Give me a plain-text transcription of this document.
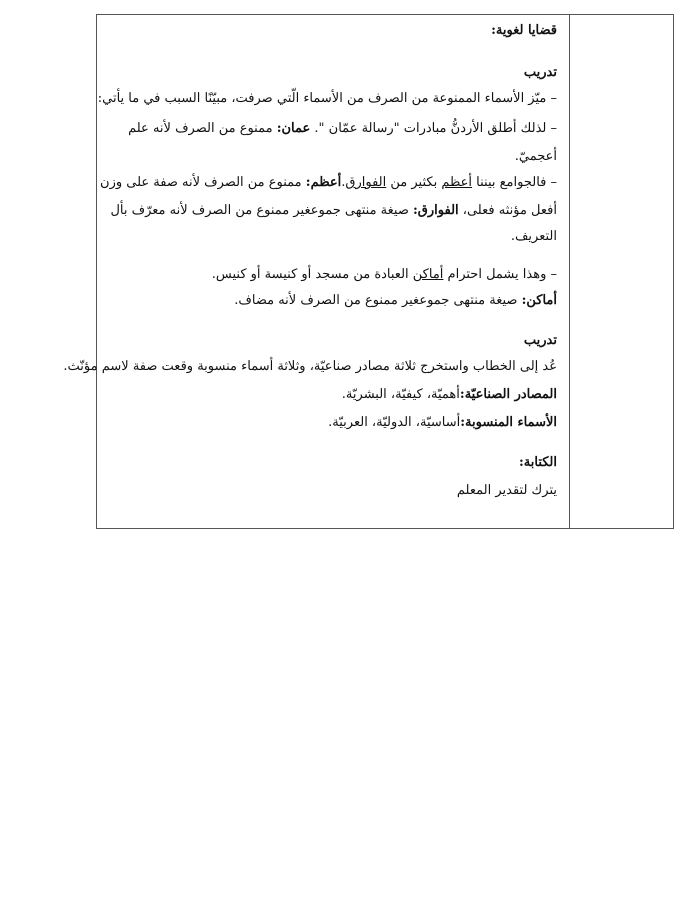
قضايا لغوية:

تدريب

– ميّز الأسماء الممنوعة من الصرف من الأسماء الّتي صرفت، مبيّنًا السبب في ما يأتي:

– لذلك أطلق الأردنُّ مبادرات "رسالة عمّان ". عمان: ممنوع من الصرف لأنه علم

أعجميّ.

– فالجوامع بيننا أعظم بكثير من الفوارق.أعظم: ممنوع من الصرف لأنه صفة على وزن

أفعل مؤنثه فعلى، الفوارق: صيغة منتهى جموعغير ممنوع من الصرف لأنه معرّف بأل

التعريف.

– وهذا يشمل احترام أماكن العبادة من مسجد أو كنيسة أو كنيس.

أماكن: صيغة منتهى جموعغير ممنوع من الصرف لأنه مضاف.

تدريب

عُد إلى الخطاب واستخرج ثلاثة مصادر صناعيّة، وثلاثة أسماء منسوبة وقعت صفة لاسم مؤنّث.

المصادر الصناعيّة:أهميّة، كيفيّة، البشريّة.

الأسماء المنسوبة:أساسيّة، الدوليّة، العربيّة.

الكتابة:

يترك لتقدير المعلم
